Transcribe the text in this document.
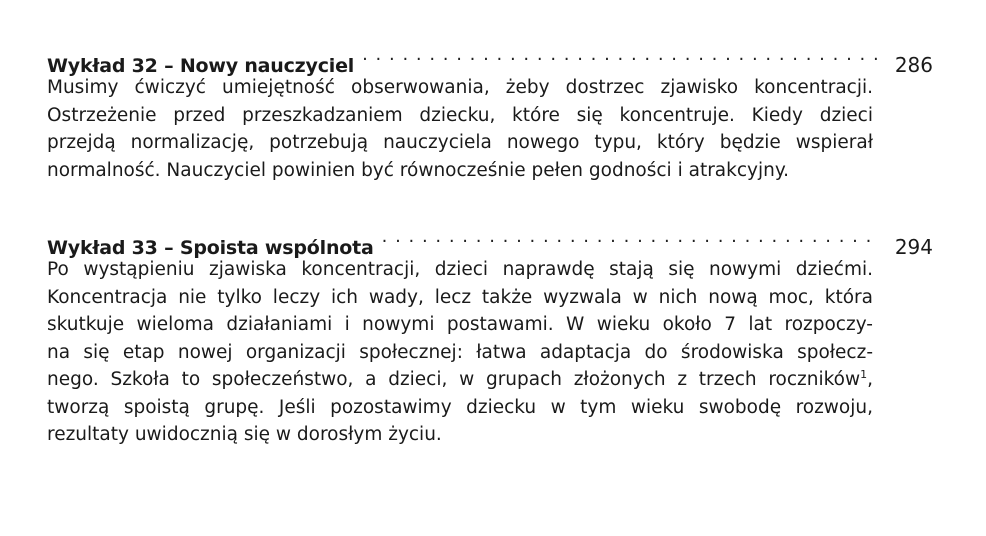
Wykład 32 – Nowy nauczyciel . . .	286
Musimy ćwiczyć umiejętność obserwowania, żeby dostrzec zjawisko koncentracji.
Ostrzeżenie przed przeszkadzaniem dziecku, które się koncentruje. Kiedy dzieci
przejdą normalizację, potrzebują nauczyciela nowego typu, który będzie wspierał
normalność. Nauczyciel powinien być równocześnie pełen godności i atrakcyjny.
Wykład 33 – Spoista wspólnota . . .	294
Po wystąpieniu zjawiska koncentracji, dzieci naprawdę stają się nowymi dziećmi.
Koncentracja nie tylko leczy ich wady, lecz także wyzwala w nich nową moc, która
skutkuje wieloma działaniami i nowymi postawami. W wieku około 7 lat rozpoczy-
na się etap nowej organizacji społecznej: łatwa adaptacja do środowiska społecz-
nego. Szkoła to społeczeństwo, a dzieci, w grupach złożonych z trzech roczników$^1$,
tworzą spoistą grupę. Jeśli pozostawimy dziecku w tym wieku swobodę rozwoju,
rezultaty uwidocznią się w dorosłym życiu.
